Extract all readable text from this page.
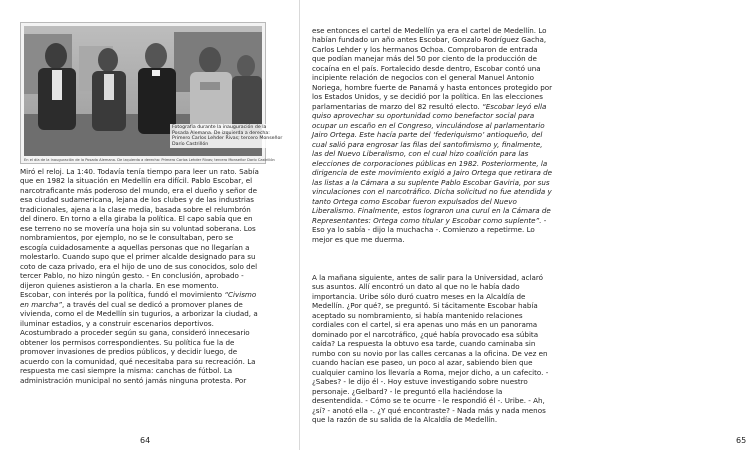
En el día de la inauguración de la Posada Alemana. De izquierda a derecha: Primero Carlos Lehder Rivas; tercero Monseñor Darío Castrillón
Fotografía durante la inauguración de la Posada Alemana. De izquierda a derecha: Primero Carlos Lehder Rivas; tercero Monseñor Darío Castrillón

Miró el reloj. La 1:40. Todavía tenía tiempo para leer un rato. Sabía
que en 1982 la situación en Medellín era difícil. Pablo Escobar, el
narcotraficante más poderoso del mundo, era el dueño y señor de
esa ciudad sudamericana, lejana de los clubes y de las industrias
tradicionales, ajena a la clase media, basada sobre el relumbrón
del dinero. En torno a ella giraba la política. El capo sabía que en
ese terreno no se movería una hoja sin su voluntad soberana. Los
nombramientos, por ejemplo, no se le consultaban, pero se
escogía cuidadosamente a aquellas personas que no llegarían a
molestarlo. Cuando supo que el primer alcalde designado para su
coto de caza privado, era el hijo de uno de sus conocidos, solo del
tercer Pablo, no hizo ningún gesto. - En conclusión, aprobado -
dijeron quienes asistieron a la charla. En ese momento.
Escobar, con interés por la política, fundó el movimiento “Civismo
en marcha”, a través del cual se dedicó a promover planes de
vivienda, como el de Medellín sin tugurios, a arborizar la ciudad, a
iluminar estadios, y a construir escenarios deportivos.
Acostumbrado a proceder según su gana, consideró innecesario
obtener los permisos correspondientes. Su política fue la de
promover invasiones de predios públicos, y decidir luego, de
acuerdo con la comunidad, qué necesitaba para su recreación. La
respuesta me casi siempre la misma: canchas de fútbol. La
administración municipal no sentó jamás ninguna protesta. Por

64

ese entonces el cartel de Medellín ya era el cartel de Medellín. Lo
habían fundado un año antes Escobar, Gonzalo Rodríguez Gacha,
Carlos Lehder y los hermanos Ochoa. Comprobaron de entrada
que podían manejar más del 50 por ciento de la producción de
cocaína en el país. Fortalecido desde dentro, Escobar contó una
incipiente relación de negocios con el general Manuel Antonio
Noriega, hombre fuerte de Panamá y hasta entonces protegido por
los Estados Unidos, y se decidió por la política. En las elecciones
parlamentarias de marzo del 82 resultó electo. “Escobar leyó ella
quiso aprovechar su oportunidad como benefactor social para
ocupar un escaño en el Congreso, vinculándose al parlamentario
Jairo Ortega. Este hacía parte del ‘federiquismo’ antioqueño, del
cual salió para engrosar las filas del santofimismo y, finalmente,
las del Nuevo Liberalismo, con el cual hizo coalición para las
elecciones de corporaciones públicas en 1982. Posteriormente, la
dirigencia de este movimiento exigió a Jairo Ortega que retirara de
las listas a la Cámara a su suplente Pablo Escobar Gaviria, por sus
vinculaciones con el narcotráfico. Dicha solicitud no fue atendida y
tanto Ortega como Escobar fueron expulsados del Nuevo
Liberalismo. Finalmente, estos lograron una curul en la Cámara de
Representantes: Ortega como titular y Escobar como suplente”. -
Eso ya lo sabía - dijo la muchacha -. Comienzo a repetirme. Lo
mejor es que me duerma.

A la mañana siguiente, antes de salir para la Universidad, aclaró
sus asuntos. Allí encontró un dato al que no le había dado
importancia. Uribe sólo duró cuatro meses en la Alcaldía de
Medellín. ¿Por qué?, se preguntó. Si tácitamente Escobar había
aceptado su nombramiento, si había mantenido relaciones
cordiales con el cartel, si era apenas uno más en un panorama
dominado por el narcotráfico, ¿qué había provocado esa súbita
caída? La respuesta la obtuvo esa tarde, cuando caminaba sin
rumbo con su novio por las calles cercanas a la oficina. De vez en
cuando hacían ese paseo, un poco al azar, sabiendo bien que
cualquier camino los llevaría a Roma, mejor dicho, a un cafecito. -
¿Sabes? - le dijo él -. Hoy estuve investigando sobre nuestro
personaje. ¿Gelbard? - le preguntó ella haciéndose la
desentendida. - Cómo se te ocurre - le respondió él -. Uribe. - Ah,
¿sí? - anotó ella -. ¿Y qué encontraste? - Nada más y nada menos
que la razón de su salida de la Alcaldía de Medellín.

65
